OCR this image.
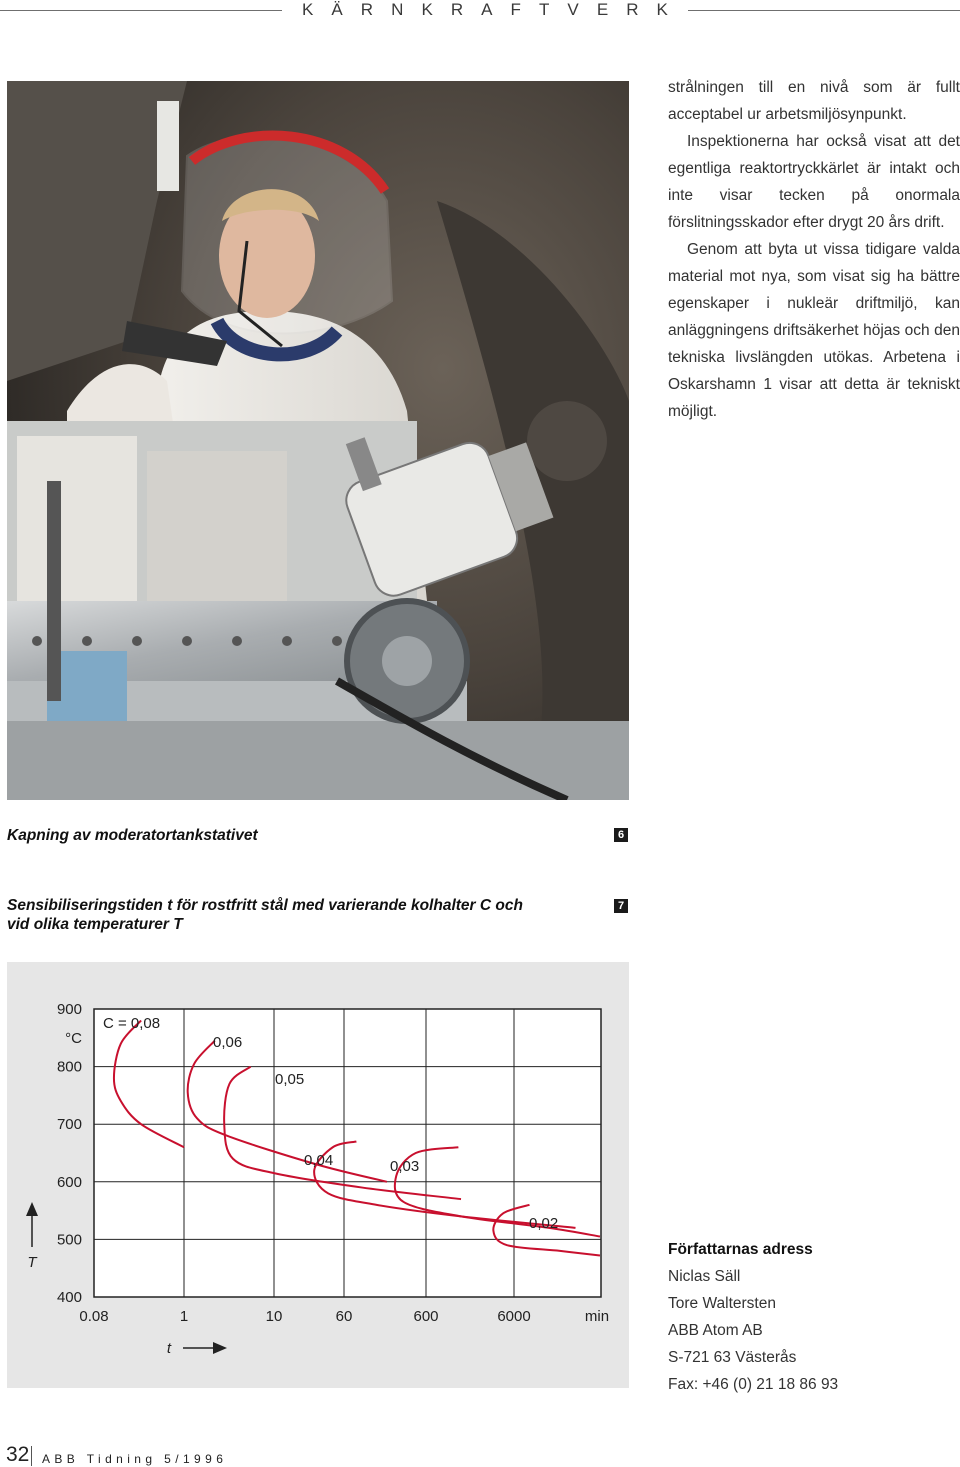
K Ä R N K R A F T V E R K

strålningen till en nivå som är fullt acceptabel ur arbetsmiljösynpunkt.

Inspektionerna har också visat att det egentliga reaktortryckkärlet är intakt och inte visar tecken på onormala förslitningsskador efter drygt 20 års drift.

Genom att byta ut vissa tidigare valda material mot nya, som visat sig ha bättre egenskaper i nukleär driftmiljö, kan anläggningens driftsäkerhet höjas och den tekniska livslängden utökas. Arbetena i Oskarshamn 1 visar att detta är tekniskt möjligt.

Kapning av moderatortankstativet	6
Sensibiliseringstiden t för rostfritt stål med varierande kolhalter C och vid olika temperaturer T
7
900
800
700
600
500
400
°C
0.08	1	10	60	600	6000	min
T
t
C = 0,08
0,06
0,05
0,04	0,03
0,02
Författarnas adress
Niclas Säll
Tore Waltersten
ABB Atom AB
S-721 63 Västerås
Fax: +46 (0) 21 18 86 93
32 ABB Tidning 5/1996
